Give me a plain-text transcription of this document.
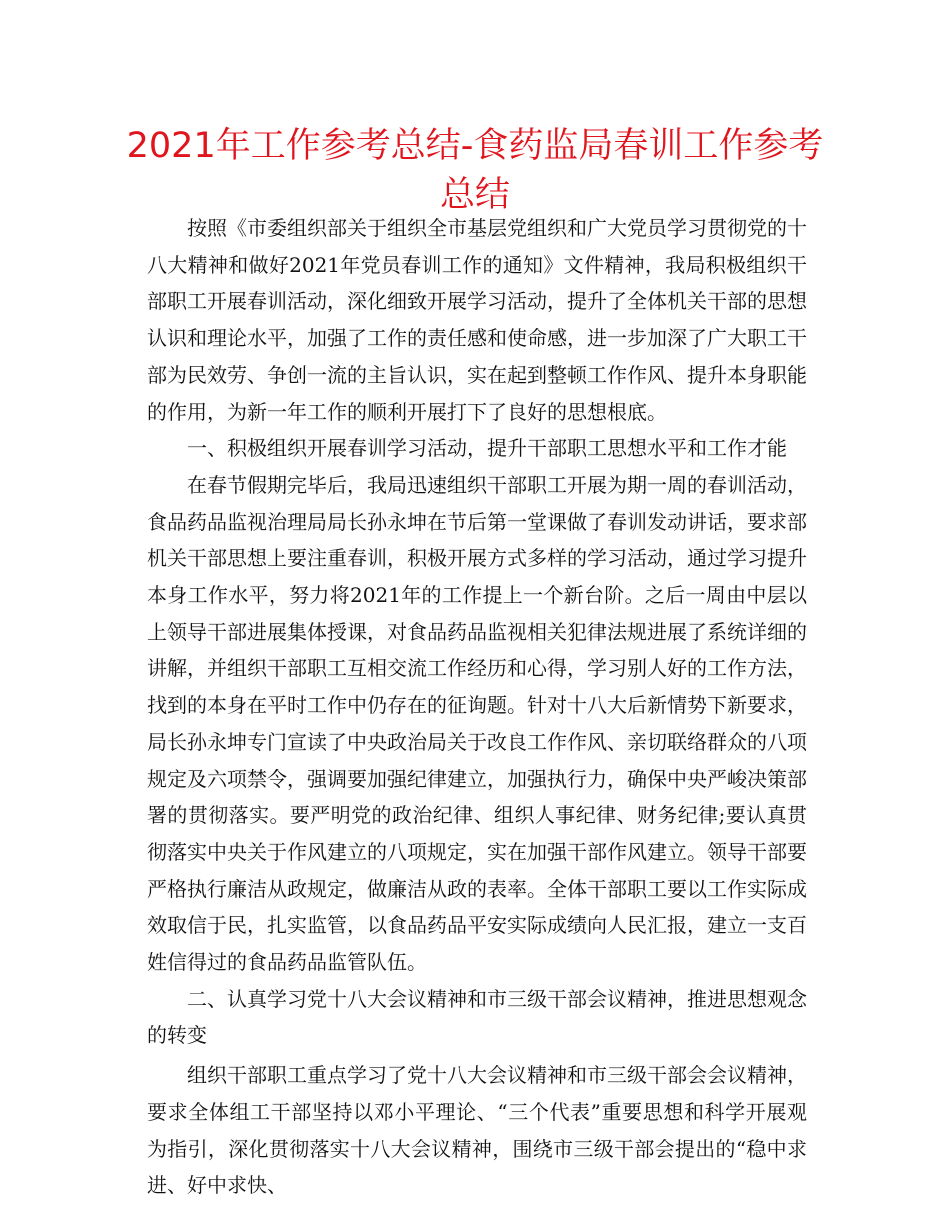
2021年工作参考总结-食药监局春训工作参考总结

按照《市委组织部关于组织全市基层党组织和广大党员学习贯彻党的十八大精神和做好2021年党员春训工作的通知》文件精神，我局积极组织干部职工开展春训活动，深化细致开展学习活动，提升了全体机关干部的思想认识和理论水平，加强了工作的责任感和使命感，进一步加深了广大职工干部为民效劳、争创一流的主旨认识，实在起到整顿工作作风、提升本身职能的作用，为新一年工作的顺利开展打下了良好的思想根底。

一、积极组织开展春训学习活动，提升干部职工思想水平和工作才能

在春节假期完毕后，我局迅速组织干部职工开展为期一周的春训活动，食品药品监视治理局局长孙永坤在节后第一堂课做了春训发动讲话，要求部机关干部思想上要注重春训，积极开展方式多样的学习活动，通过学习提升本身工作水平，努力将2021年的工作提上一个新台阶。之后一周由中层以上领导干部进展集体授课，对食品药品监视相关犯律法规进展了系统详细的讲解，并组织干部职工互相交流工作经历和心得，学习别人好的工作方法，找到的本身在平时工作中仍存在的征询题。针对十八大后新情势下新要求，局长孙永坤专门宣读了中央政治局关于改良工作作风、亲切联络群众的八项规定及六项禁令，强调要加强纪律建立，加强执行力，确保中央严峻决策部署的贯彻落实。要严明党的政治纪律、组织人事纪律、财务纪律;要认真贯彻落实中央关于作风建立的八项规定，实在加强干部作风建立。领导干部要严格执行廉洁从政规定，做廉洁从政的表率。全体干部职工要以工作实际成效取信于民，扎实监管，以食品药品平安实际成绩向人民汇报，建立一支百姓信得过的食品药品监管队伍。

二、认真学习党十八大会议精神和市三级干部会议精神，推进思想观念的转变

组织干部职工重点学习了党十八大会议精神和市三级干部会会议精神，要求全体组工干部坚持以邓小平理论、“三个代表”重要思想和科学开展观为指引，深化贯彻落实十八大会议精神，围绕市三级干部会提出的“稳中求进、好中求快、
